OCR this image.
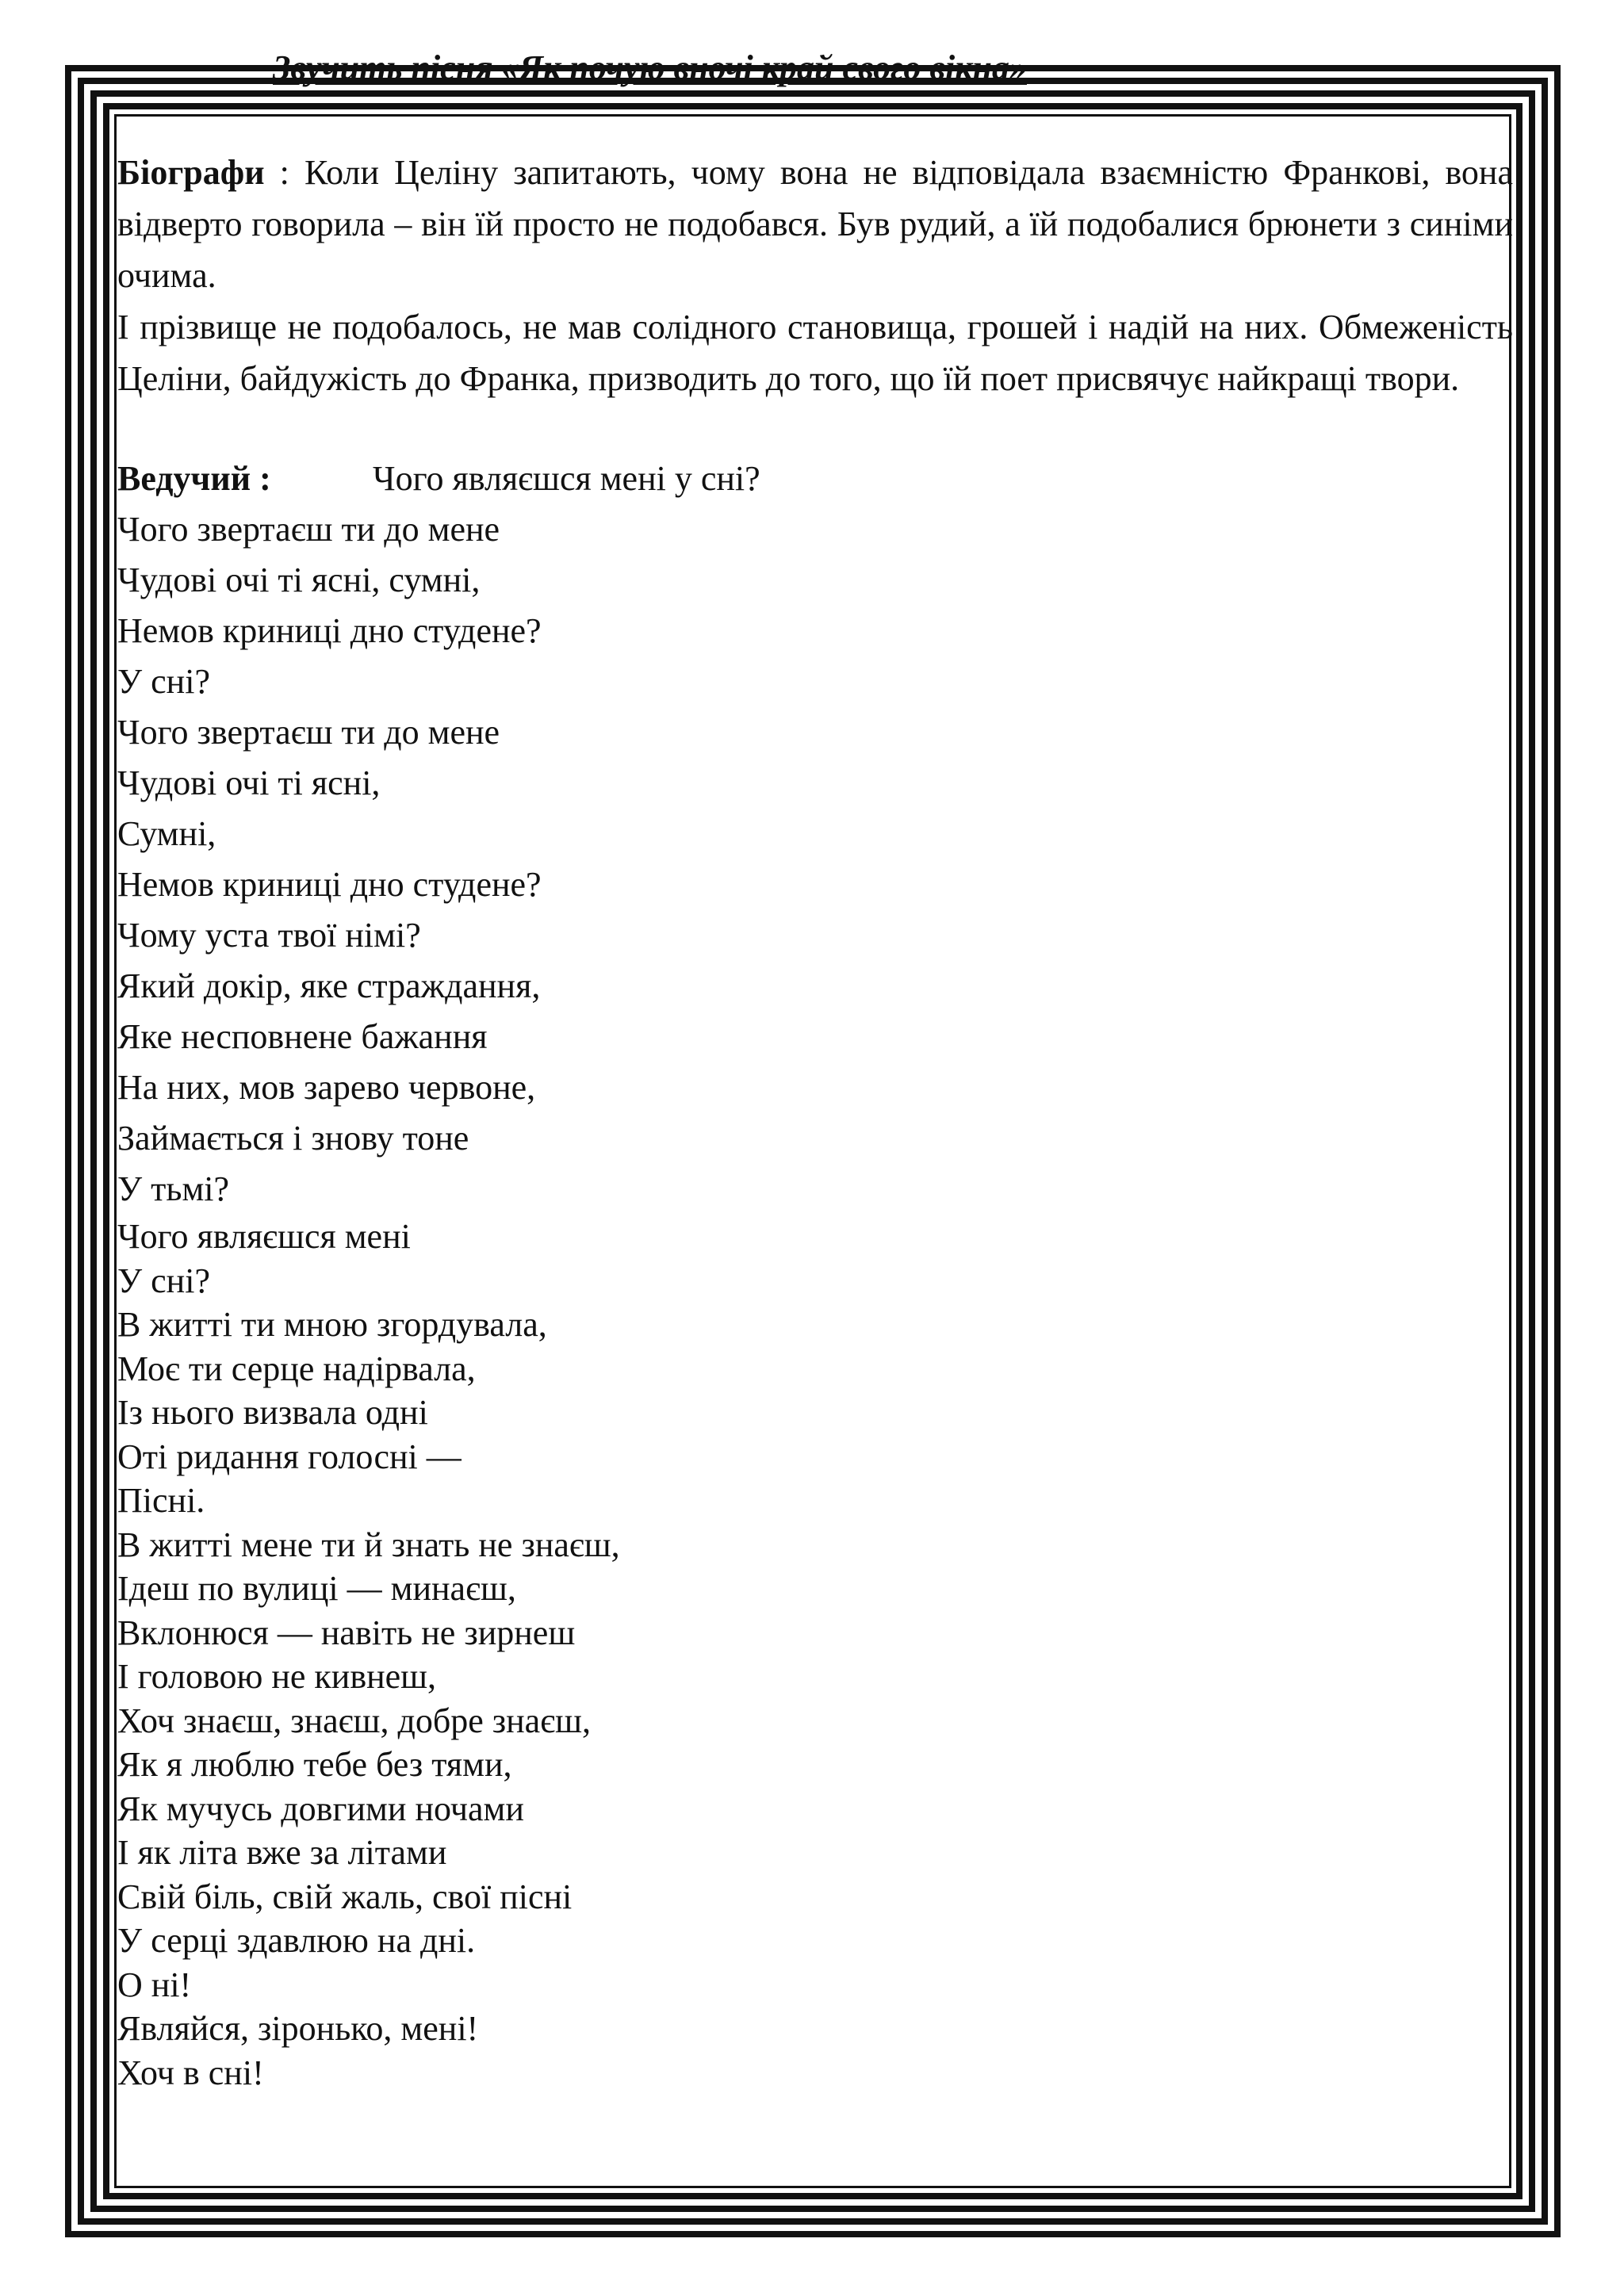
Звучить пісня «Як почую вночі край свого вікна»

Біографи : Коли Целіну запитають, чому вона не відповідала взаємністю Франкові, вона відверто говорила – він їй просто не подобався. Був рудий, а їй подобалися брюнети з синіми очима.
І прізвище не подобалось, не мав солідного становища, грошей і надій на них. Обмеженість Целіни, байдужість до Франка, призводить до того, що їй поет присвячує найкращі твори.

Ведучий :	Чого являєшся мені у сні?
Чого звертаєш ти до мене
Чудові очі ті ясні, сумні,
Немов криниці дно студене?
У сні?
Чого звертаєш ти до мене
Чудові очі ті ясні,
Сумні,
Немов криниці дно студене?
Чому уста твої німі?
Який докір, яке страждання,
Яке несповнене бажання
На них, мов зарево червоне,
Займається і знову тоне
У тьмі?
Чого являєшся мені
У сні?
В житті ти мною згордувала,
Моє ти серце надірвала,
Із нього визвала одні
Оті ридання голосні —
Пісні.
В житті мене ти й знать не знаєш,
Ідеш по вулиці — минаєш,
Вклонюся — навіть не зирнеш
І головою не кивнеш,
Хоч знаєш, знаєш, добре знаєш,
Як я люблю тебе без тями,
Як мучусь довгими ночами
І як літа вже за літами
Свій біль, свій жаль, свої пісні
У серці здавлюю на дні.
О ні!
Являйся, зіронько, мені!
Хоч в сні!
